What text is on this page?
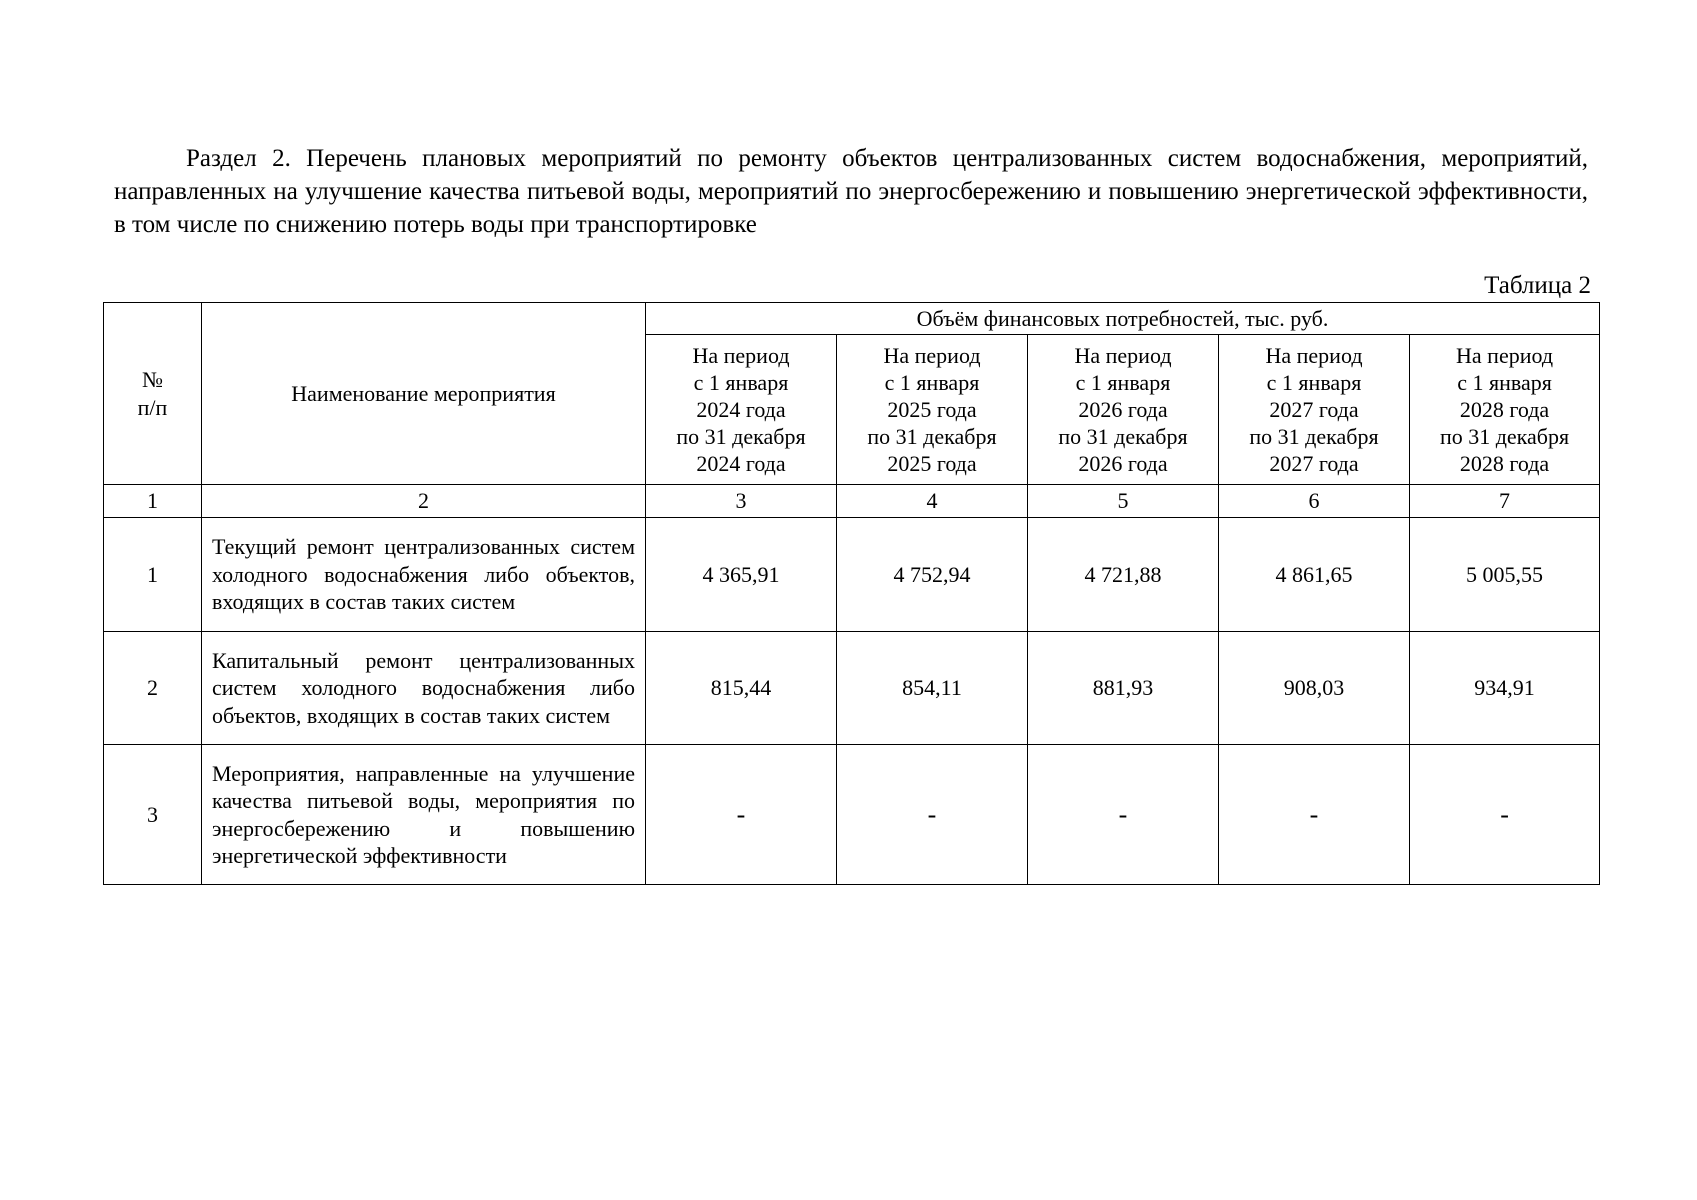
Раздел 2. Перечень плановых мероприятий по ремонту объектов централизованных систем водоснабжения, мероприятий, направленных на улучшение качества питьевой воды, мероприятий по энергосбережению и повышению энергетической эффективности, в том числе по снижению потерь воды при транспортировке
Таблица 2
№
п/п	Наименование мероприятия	Объём финансовых потребностей, тыс. руб.				

		На период
с 1 января
2024 года
по 31 декабря
2024 года	На период
с 1 января
2025 года
по 31 декабря
2025 года	На период
с 1 января
2026 года
по 31 декабря
2026 года	На период
с 1 января
2027 года
по 31 декабря
2027 года	На период
с 1 января
2028 года
по 31 декабря
2028 года

1	2	3	4	5	6	7
1	Текущий ремонт централизованных систем холодного водоснабжения либо объектов, входящих в состав таких систем	4 365,91	4 752,94	4 721,88	4 861,65	5 005,55
2	Капитальный ремонт централизованных систем холодного водоснабжения либо объектов, входящих в состав таких систем	815,44	854,11	881,93	908,03	934,91
3	Мероприятия, направленные на улучшение качества питьевой воды, мероприятия по энергосбережению и повышению энергетической эффективности	-	-	-	-	-
